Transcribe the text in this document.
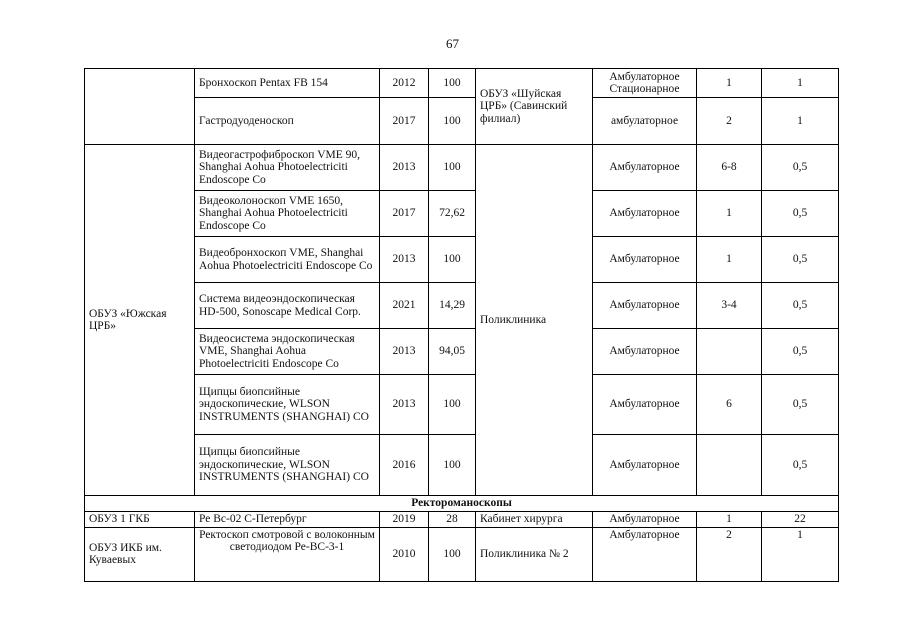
67
	Бронхоскоп Pentax FB 154	2012	100	ОБУЗ «Шуйская ЦРБ» (Савинский филиал)	Амбулаторное Стационарное	1	1
	Гастродуоденоскоп	2017	100		амбулаторное	2	1
ОБУЗ «Южская ЦРБ»	Видеогастрофиброскоп VME 90, Shanghai Aohua Photoelectriciti Endoscope Co	2013	100	Поликлиника	Амбулаторное	6-8	0,5
	Видеоколоноскоп VME 1650, Shanghai Aohua Photoelectriciti Endoscope Co	2017	72,62		Амбулаторное	1	0,5
	Видеобронхоскоп VME, Shanghai Aohua Photoelectriciti Endoscope Co	2013	100		Амбулаторное	1	0,5
	Система видеоэндоскопическая HD-500, Sonoscape Medical Corp.	2021	14,29		Амбулаторное	3-4	0,5
	Видеосистема эндоскопическая VME, Shanghai Aohua Photoelectriciti Endoscope Co	2013	94,05		Амбулаторное		0,5
	Щипцы биопсийные эндоскопические, WLSON INSTRUMENTS (SHANGHAI) CO	2013	100		Амбулаторное	6	0,5
	Щипцы биопсийные эндоскопические, WLSON INSTRUMENTS (SHANGHAI) CO	2016	100		Амбулаторное		0,5
Ректороманоскопы							
ОБУЗ 1 ГКБ	Ре Вс-02 С-Петербург	2019	28	Кабинет хирурга	Амбулаторное	1	22
ОБУЗ ИКБ им. Куваевых	Ректоскоп смотровой с волоконным светодиодом Ре-ВС-3-1	2010	100	Поликлиника № 2	Амбулаторное	2	1
